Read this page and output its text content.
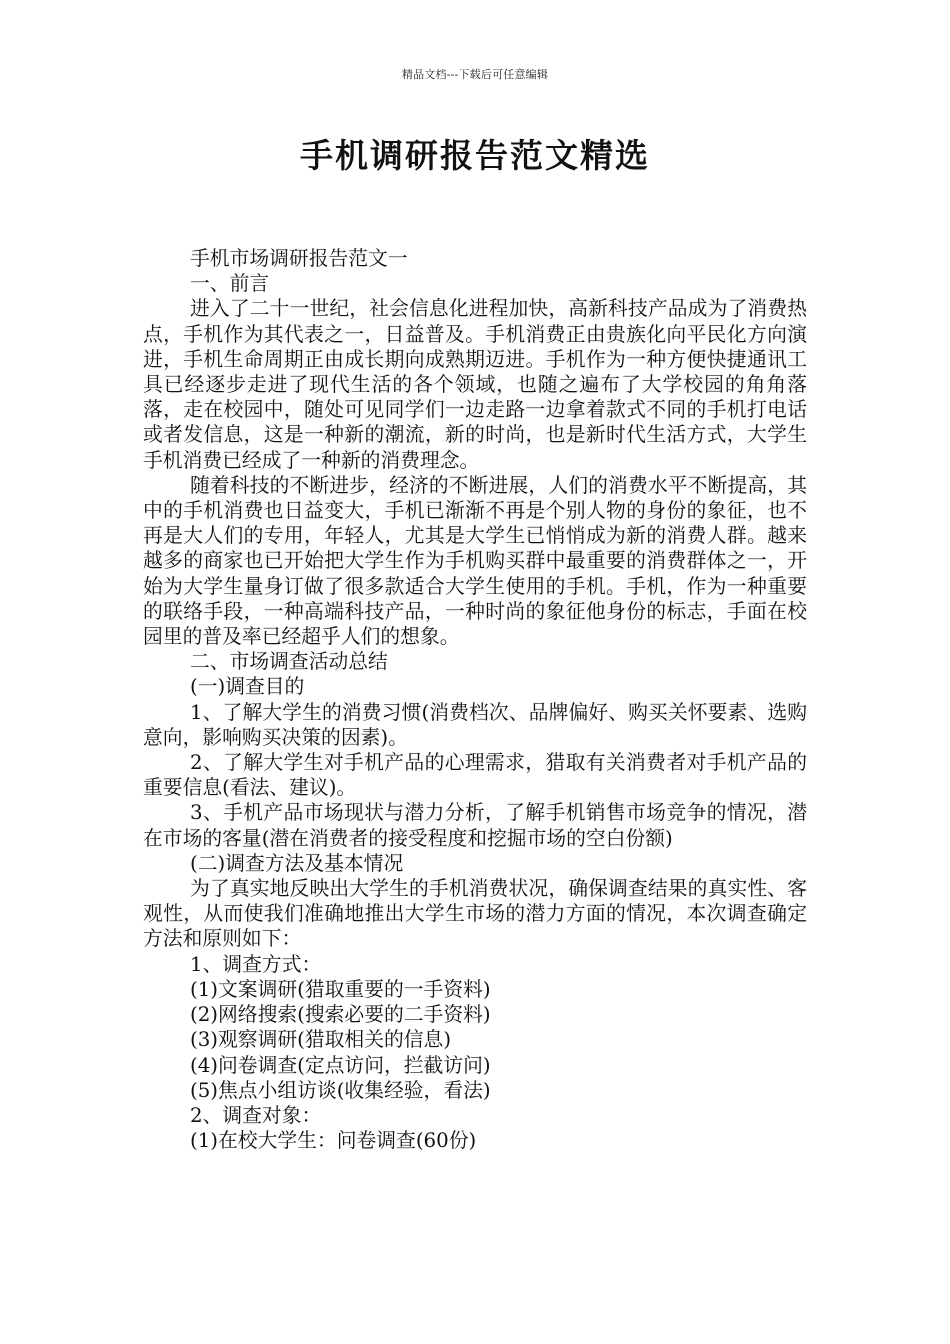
精品文档---下载后可任意编辑
手机调研报告范文精选

手机市场调研报告范文一

一、前言

进入了二十一世纪，社会信息化进程加快，高新科技产品成为了消费热点，手机作为其代表之一，日益普及。手机消费正由贵族化向平民化方向演进，手机生命周期正由成长期向成熟期迈进。手机作为一种方便快捷通讯工具已经逐步走进了现代生活的各个领域，也随之遍布了大学校园的角角落落，走在校园中，随处可见同学们一边走路一边拿着款式不同的手机打电话或者发信息，这是一种新的潮流，新的时尚，也是新时代生活方式，大学生手机消费已经成了一种新的消费理念。

随着科技的不断进步，经济的不断进展，人们的消费水平不断提高，其中的手机消费也日益变大，手机已渐渐不再是个别人物的身份的象征，也不再是大人们的专用，年轻人，尤其是大学生已悄悄成为新的消费人群。越来越多的商家也已开始把大学生作为手机购买群中最重要的消费群体之一，开始为大学生量身订做了很多款适合大学生使用的手机。手机，作为一种重要的联络手段，一种高端科技产品，一种时尚的象征他身份的标志，手面在校园里的普及率已经超乎人们的想象。

二、市场调查活动总结

(一)调查目的

1、了解大学生的消费习惯(消费档次、品牌偏好、购买关怀要素、选购意向，影响购买决策的因素)。

2、了解大学生对手机产品的心理需求，猎取有关消费者对手机产品的重要信息(看法、建议)。

3、手机产品市场现状与潜力分析，了解手机销售市场竞争的情况，潜在市场的客量(潜在消费者的接受程度和挖掘市场的空白份额)

(二)调查方法及基本情况

为了真实地反映出大学生的手机消费状况，确保调查结果的真实性、客观性，从而使我们准确地推出大学生市场的潜力方面的情况，本次调查确定方法和原则如下：

1、调查方式：

(1)文案调研(猎取重要的一手资料)

(2)网络搜索(搜索必要的二手资料)

(3)观察调研(猎取相关的信息)

(4)问卷调查(定点访问，拦截访问)

(5)焦点小组访谈(收集经验，看法)

2、调查对象：

(1)在校大学生：问卷调查(60份)
